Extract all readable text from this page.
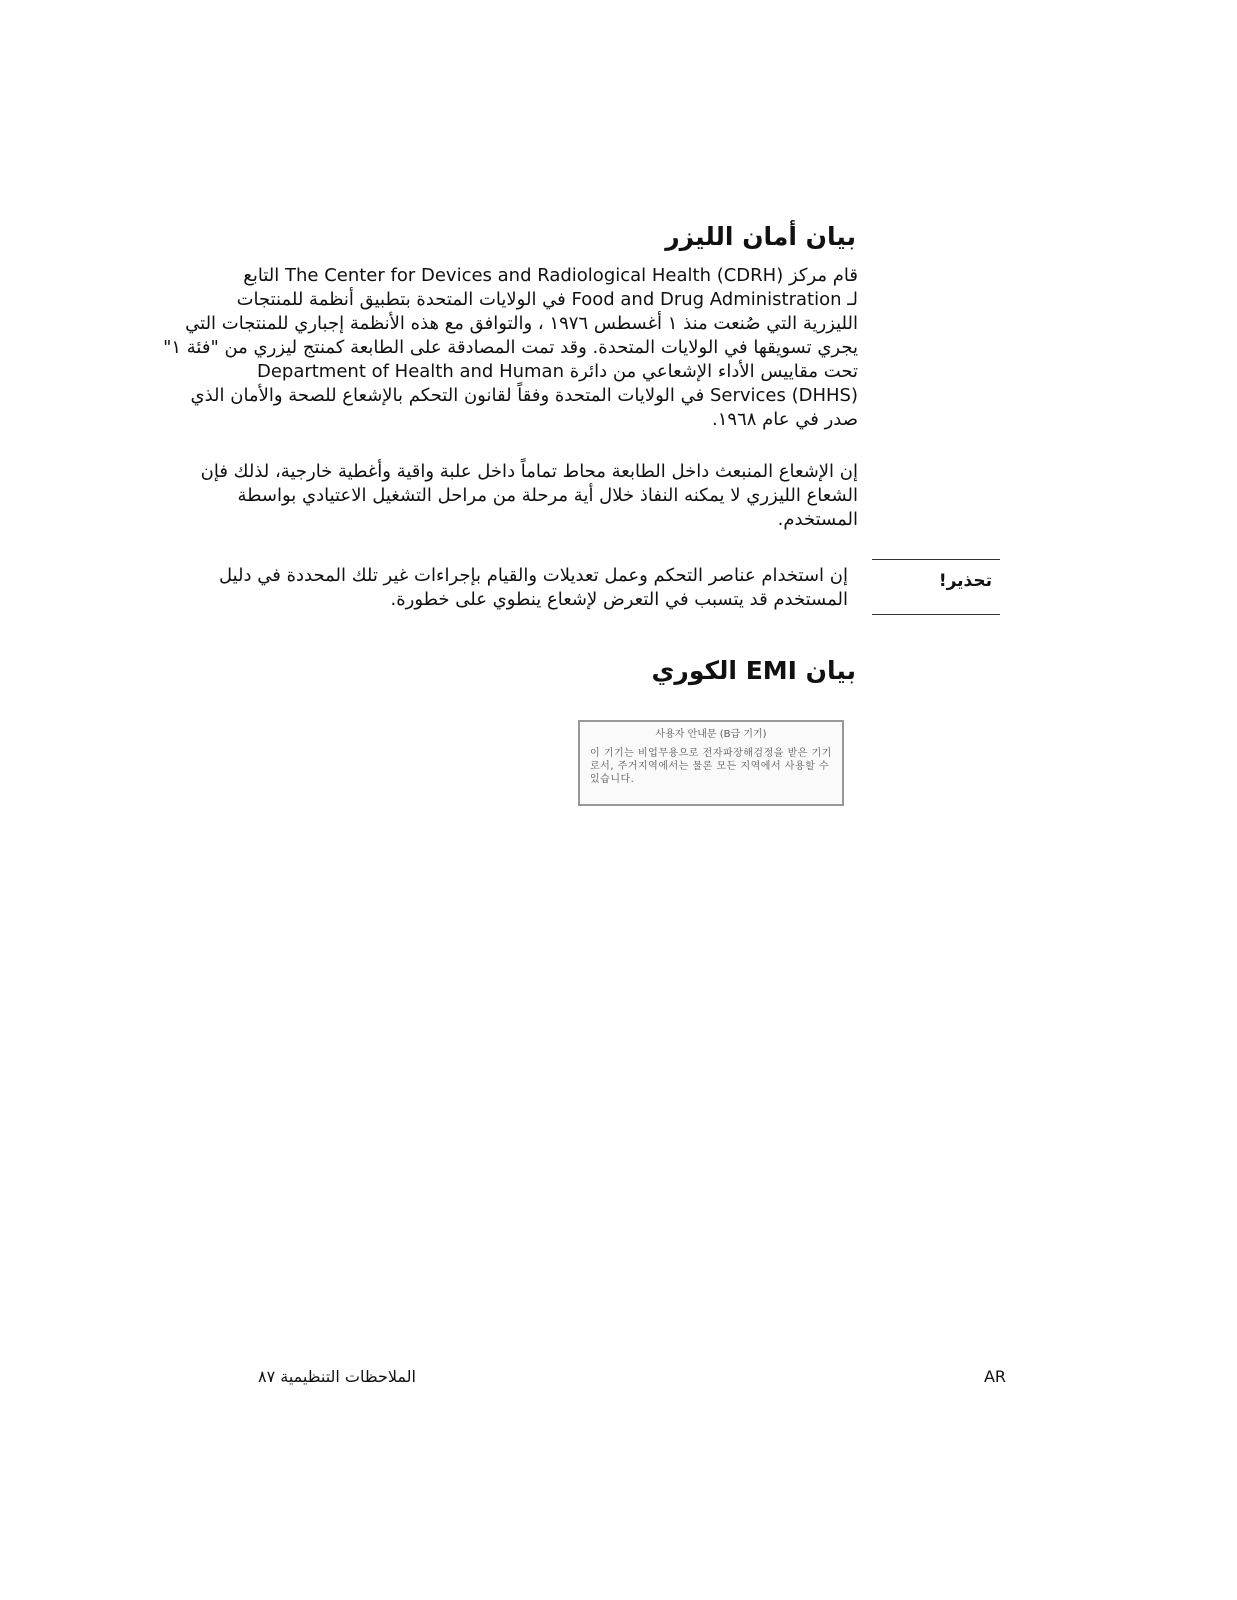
بيان أمان الليزر
قام مركز The Center for Devices and Radiological Health (CDRH) التابع
لـ Food and Drug Administration في الولايات المتحدة بتطبيق أنظمة للمنتجات
الليزرية التي صُنعت منذ ١ أغسطس ١٩٧٦ ، والتوافق مع هذه الأنظمة إجباري للمنتجات التي
يجري تسويقها في الولايات المتحدة. وقد تمت المصادقة على الطابعة كمنتج ليزري من "فئة ١"
تحت مقاييس الأداء الإشعاعي من دائرة Department of Health and Human
Services (DHHS) في الولايات المتحدة وفقاً لقانون التحكم بالإشعاع للصحة والأمان الذي
صدر في عام ١٩٦٨.
إن الإشعاع المنبعث داخل الطابعة محاط تماماً داخل علبة واقية وأغطية خارجية، لذلك فإن
الشعاع الليزري لا يمكنه النفاذ خلال أية مرحلة من مراحل التشغيل الاعتيادي بواسطة
المستخدم.
تحذير!
إن استخدام عناصر التحكم وعمل تعديلات والقيام بإجراءات غير تلك المحددة في دليل
المستخدم قد يتسبب في التعرض لإشعاع ينطوي على خطورة.
بيان EMI الكوري
사용자 안내문 (B급 기기)
이 기기는 비업무용으로 전자파장해검정을 받은 기기로서, 주거지역에서는 물론 모든 지역에서 사용할 수 있습니다.
الملاحظات التنظيمية ٨٧	AR
